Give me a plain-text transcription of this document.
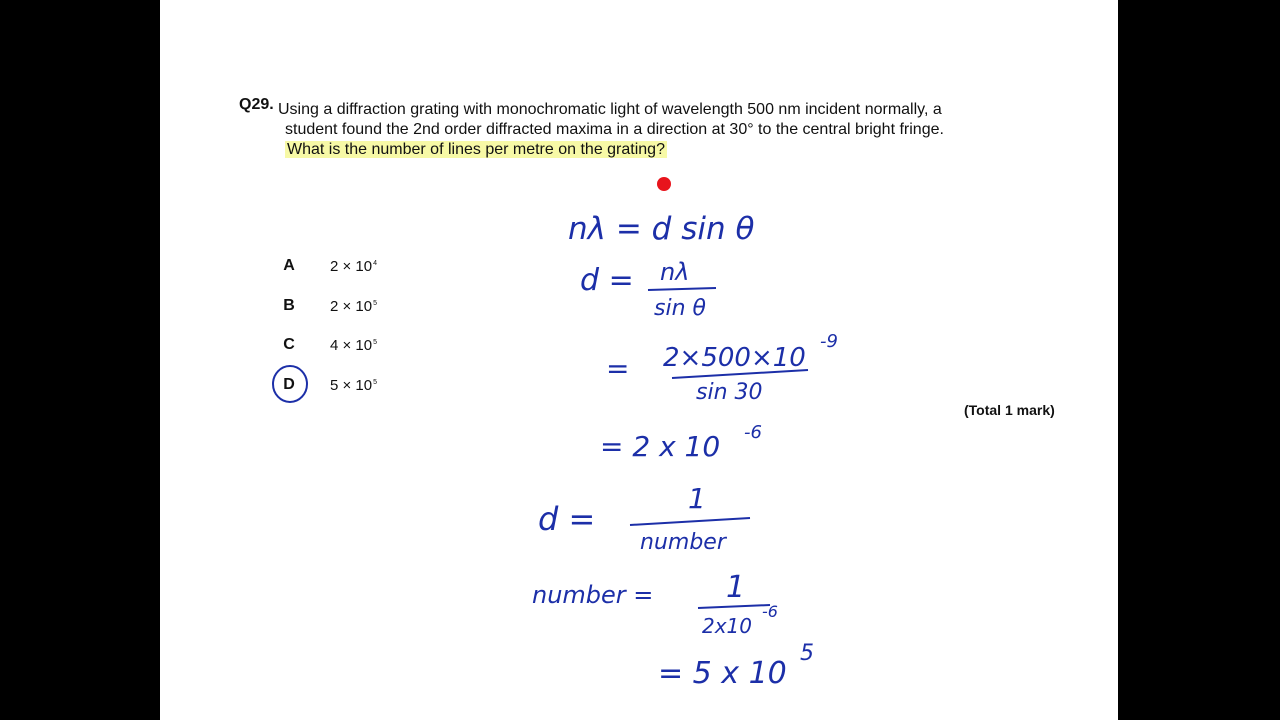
Q29. Using a diffraction grating with monochromatic light of wavelength 500 nm incident normally, a
student found the 2nd order diffracted maxima in a direction at 30° to the central bright fringe.
What is the number of lines per metre on the grating?
A $2 \times 10^4$
B $2 \times 10^5$
C $4 \times 10^5$
D $5 \times 10^5$
(Total 1 mark)
nλ = d sin θ
d = nλ
sin θ
= 2×500×10
-9
sin 30
= 2 x 10 -6
d =
1
number
number = 1
2x10
-6
= 5 x 10
5
